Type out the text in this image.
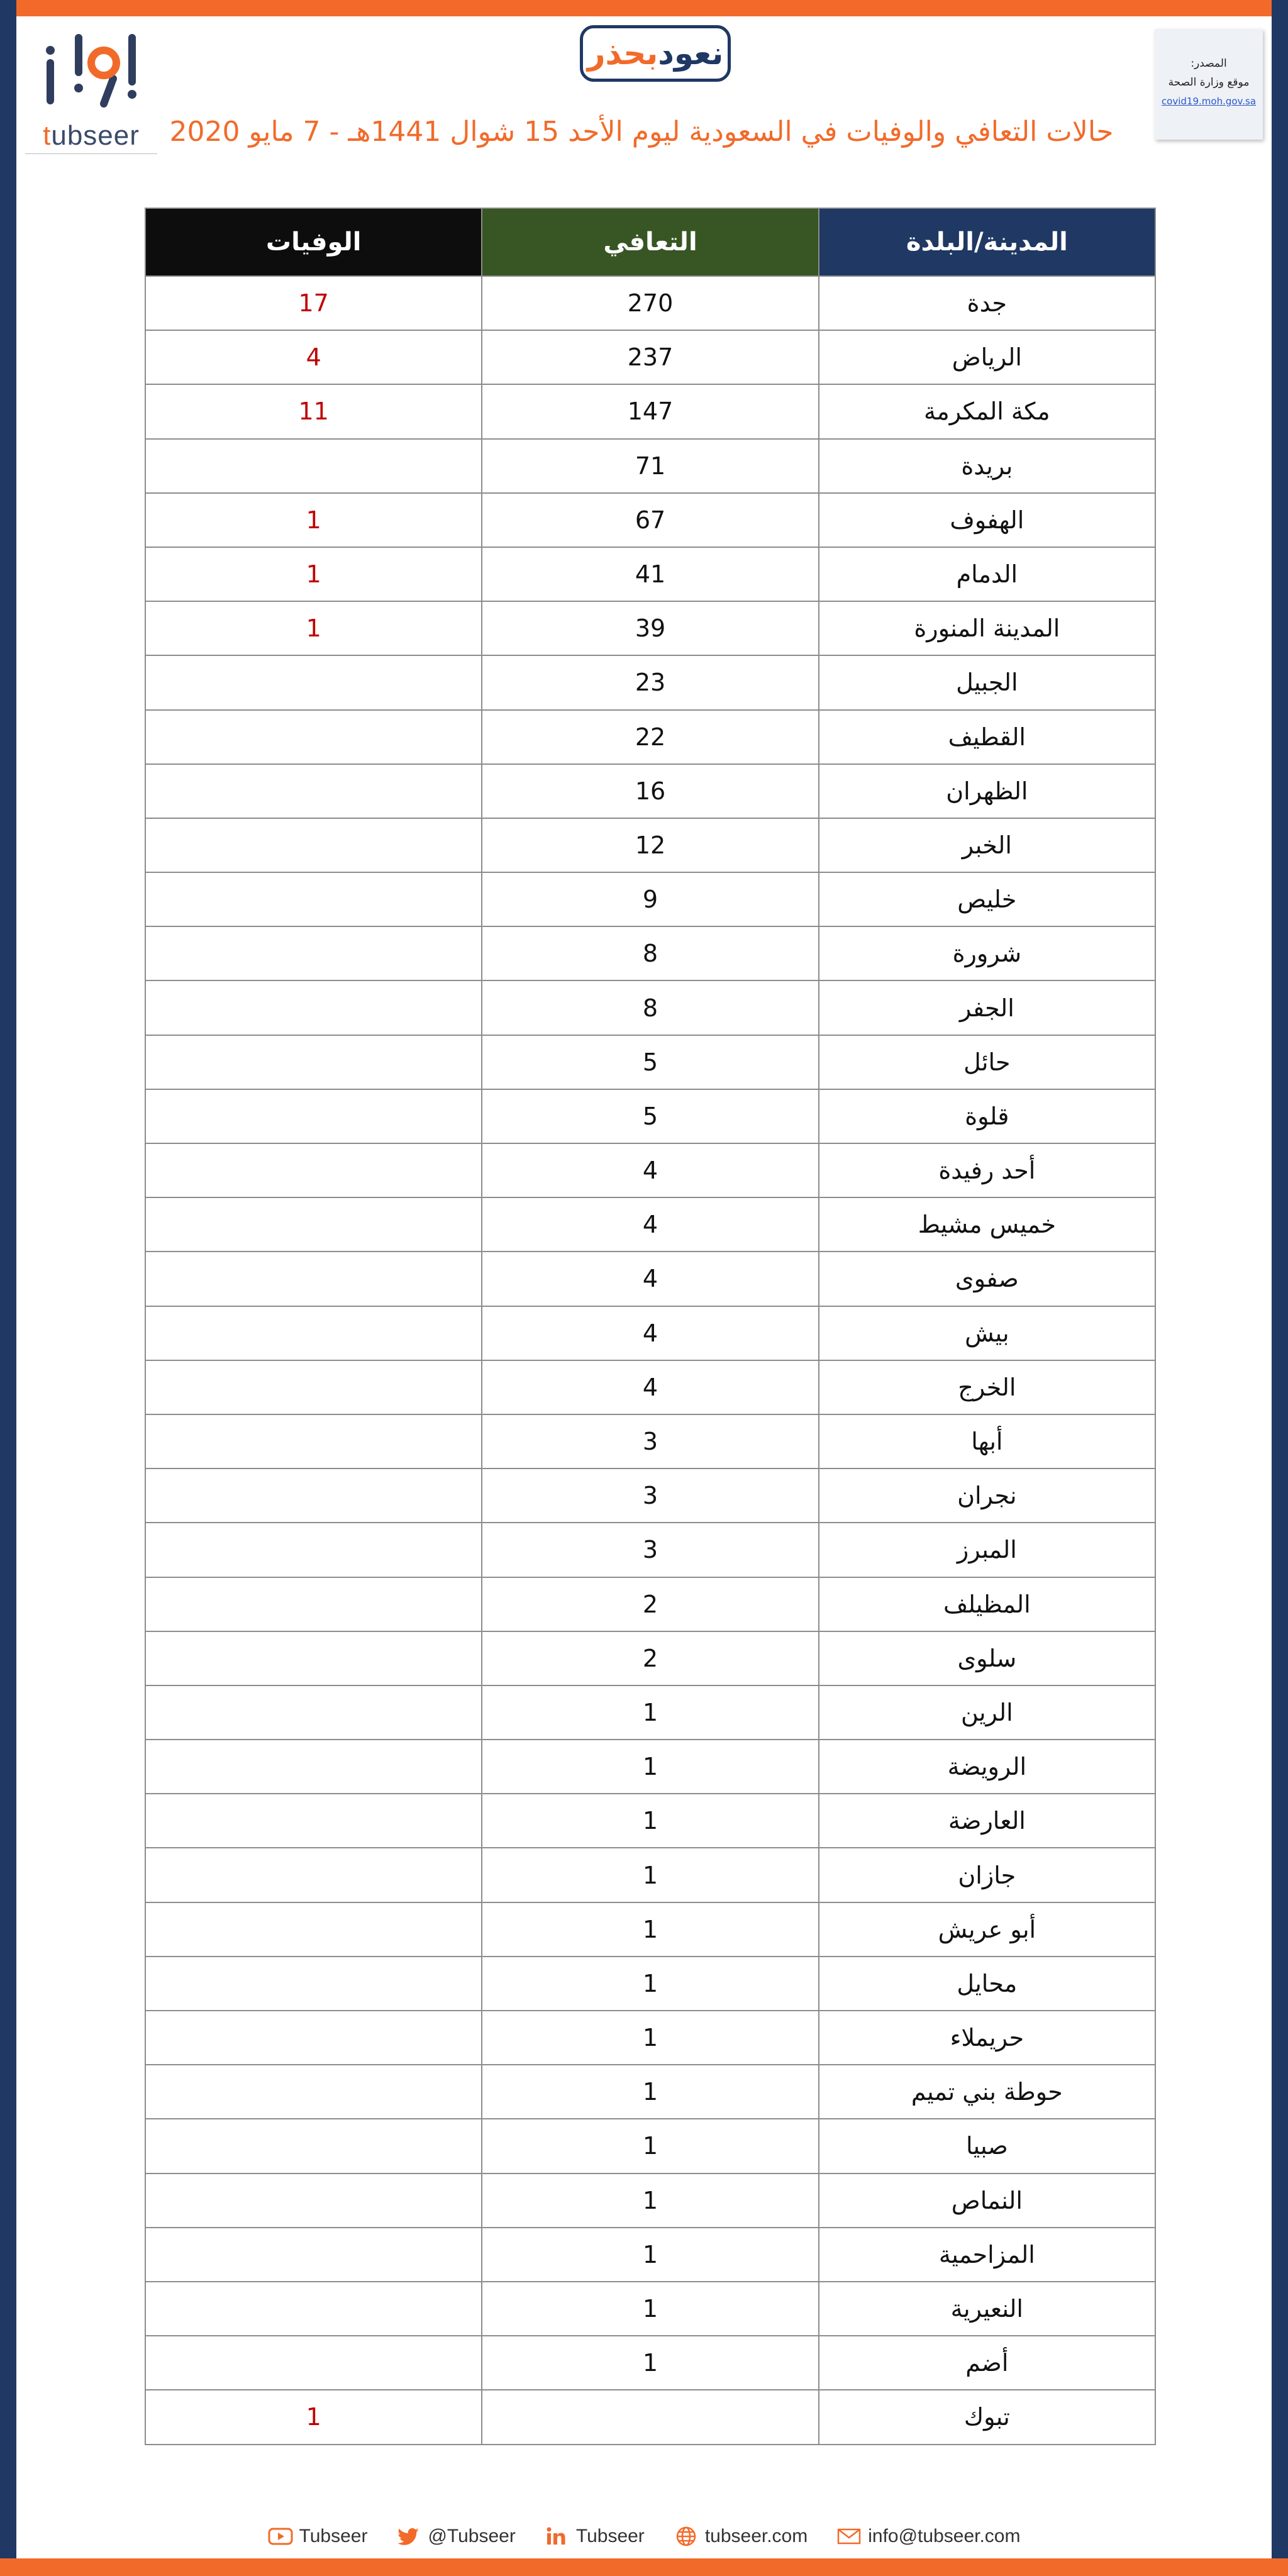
tubseer

نعود
بحذر	المصدر:
موقع وزارة الصحة
covid19.moh.gov.sa
حالات التعافي والوفيات في السعودية ليوم الأحد 15 شوال 1441هـ - 7 مايو 2020
المدينة/البلدة	التعافي	الوفيات
جدة	270	17
الرياض	237	4
مكة المكرمة	147	11
بريدة	71	
الهفوف	67	1
الدمام	41	1
المدينة المنورة	39	1
الجبيل	23	
القطيف	22	
الظهران	16	
الخبر	12	
خليص	9	
شرورة	8	
الجفر	8	
حائل	5	
قلوة	5	
أحد رفيدة	4	
خميس مشيط	4	
صفوى	4	
بيش	4	
الخرج	4	
أبها	3	
نجران	3	
المبرز	3	
المظيلف	2	
سلوى	2	
الرين	1	
الرويضة	1	
العارضة	1	
جازان	1	
أبو عريش	1	
محايل	1	
حريملاء	1	
حوطة بني تميم	1	
صبيا	1	
النماص	1	
المزاحمية	1	
النعيرية	1	
أضم	1	
تبوك		1
Tubseer	@Tubseer	Tubseer	tubseer.com	info@tubseer.com
